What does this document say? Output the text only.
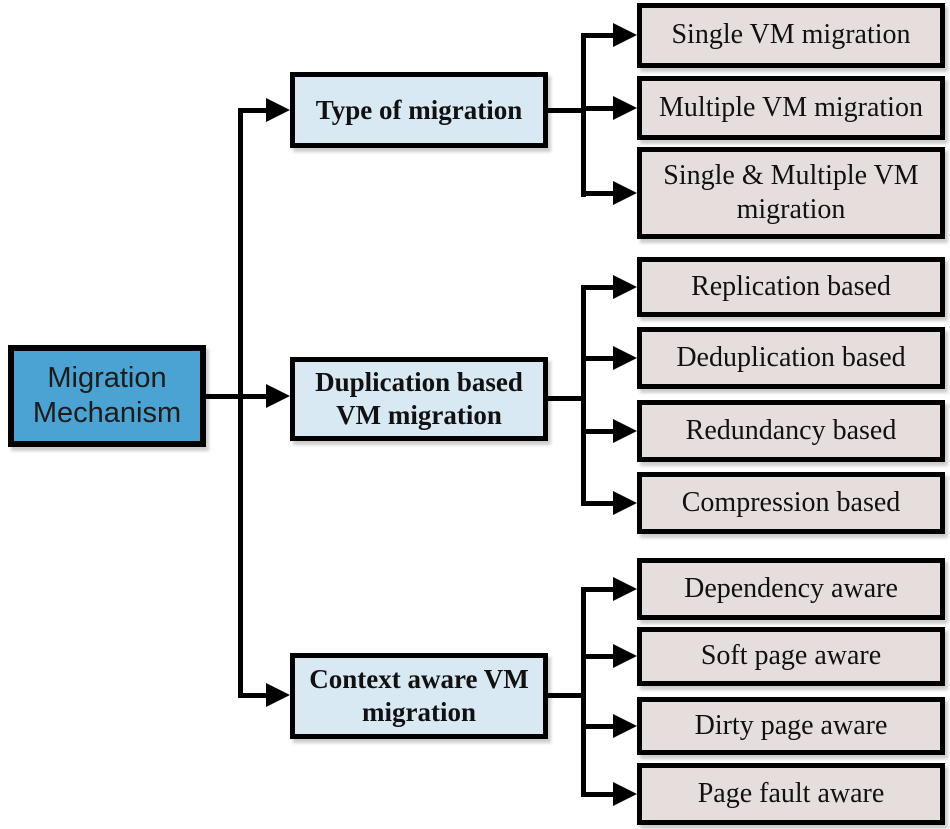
Migration Mechanism
Type of migration
Duplication based VM migration
Context aware VM migration
Single VM migration
Multiple VM migration
Single & Multiple VM migration
Replication based
Deduplication based
Redundancy based
Compression based
Dependency aware
Soft page aware
Dirty page aware
Page fault aware
